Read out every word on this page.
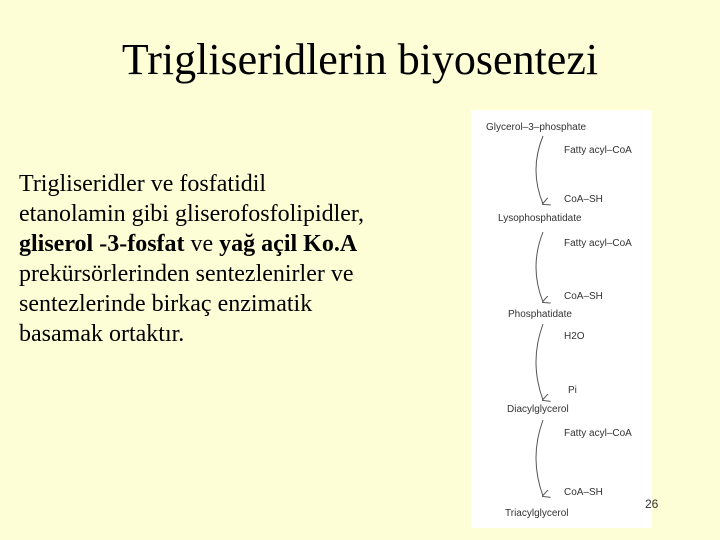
Trigliseridlerin biyosentezi
Trigliseridler ve fosfatidil etanolamin gibi gliserofosfolipidler, gliserol -3-fosfat ve yağ açil Ko.A prekürsörlerinden sentezlenirler ve sentezlerinde birkaç enzimatik basamak ortaktır.
Glycerol–3–phosphate
Fatty acyl–CoA
CoA–SH
Lysophosphatidate
Fatty acyl–CoA
CoA–SH
Phosphatidate
H2O
Pi
Diacylglycerol
Fatty acyl–CoA
CoA–SH
Triacylglycerol
26
